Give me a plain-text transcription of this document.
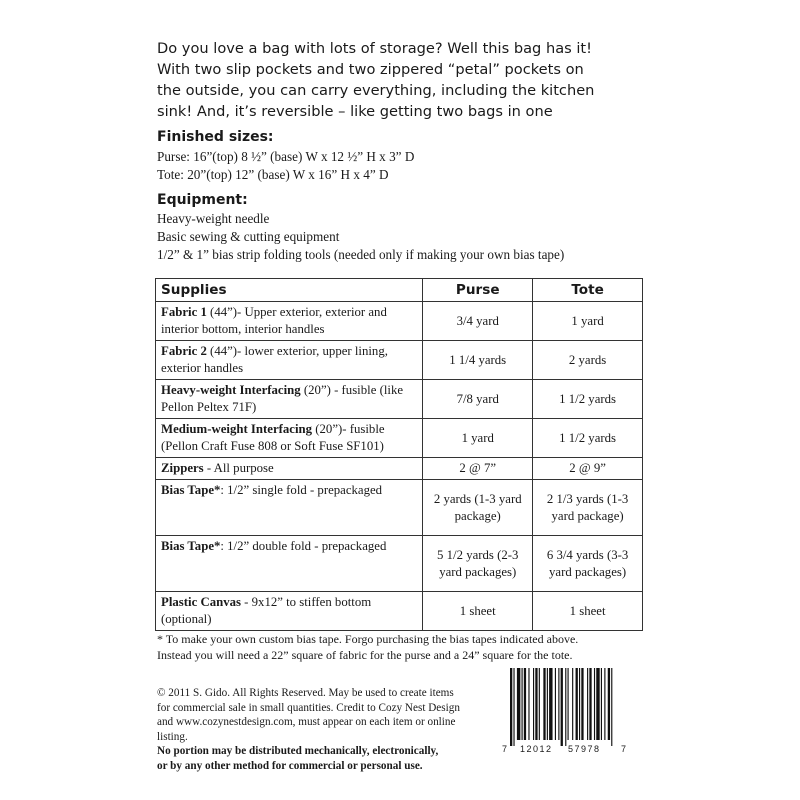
Do you love a bag with lots of storage? Well this bag has it!
With two slip pockets and two zippered “petal” pockets on
the outside, you can carry everything, including the kitchen
sink! And, it’s reversible – like getting two bags in one
Finished sizes:
Purse: 16”(top) 8 ½” (base) W x 12 ½” H x 3” D
Tote: 20”(top) 12” (base) W x 16” H x 4” D
Equipment:
Heavy-weight needle
Basic sewing & cutting equipment
1/2” & 1” bias strip folding tools (needed only if making your own bias tape)
Supplies	Purse	Tote
Fabric 1 (44”)- Upper exterior, exterior and interior bottom, interior handles	3/4 yard	1 yard
Fabric 2 (44”)- lower exterior, upper lining, exterior handles	1 1/4 yards	2 yards
Heavy-weight Interfacing (20”) - fusible (like Pellon Peltex 71F)	7/8 yard	1 1/2 yards
Medium-weight Interfacing (20”)- fusible (Pellon Craft Fuse 808 or Soft Fuse SF101)	1 yard	1 1/2 yards
Zippers - All purpose	2 @ 7”	2 @ 9”
Bias Tape*: 1/2” single fold - prepackaged	2 yards (1-3 yard package)	2 1/3 yards (1-3 yard package)
Bias Tape*: 1/2” double fold - prepackaged	5 1/2 yards (2-3 yard packages)	6 3/4 yards (3-3 yard packages)
Plastic Canvas - 9x12” to stiffen bottom (optional)	1 sheet	1 sheet
* To make your own custom bias tape. Forgo purchasing the bias tapes indicated above.
Instead you will need a 22” square of fabric for the purse and a 24” square for the tote.
© 2011 S. Gido. All Rights Reserved. May be used to create items
for commercial sale in small quantities. Credit to Cozy Nest Design
and www.cozynestdesign.com, must appear on each item or online
listing.
No portion may be distributed mechanically, electronically,
or by any other method for commercial or personal use.
7 12012 57978 7
